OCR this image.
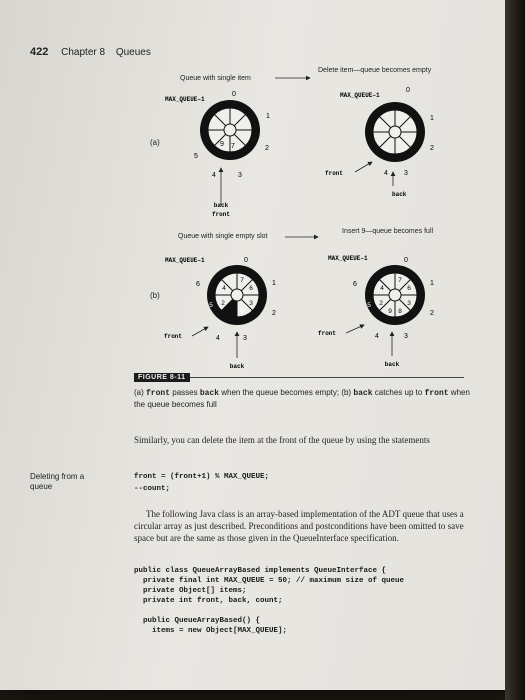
422 Chapter 8 Queues
(a)
Queue with single item
Delete item—queue becomes empty
9 7
MAX_QUEUE–1
0
1
2
3
4
5
back
front
MAX_QUEUE–1
0
1
2
3
4
front
back
(b)
Queue with single empty slot
Insert 9—queue becomes full
7
6
3
8
2
5
4
MAX_QUEUE–1	0
1
2
3
4
6
front
back
7
6
3
8
9
2
5
4
MAX_QUEUE–1	0
1
2
3
4
6
front
back
FIGURE 8-11
(a) front passes back when the queue becomes empty; (b) back catches up to front when the queue becomes full
Similarly, you can delete the item at the front of the queue by using the statements
Deleting from a queue
front = (front+1) % MAX_QUEUE;
--count;
The following Java class is an array-based implementation of the ADT queue that uses a circular array as just described. Preconditions and postconditions have been omitted to save space but are the same as those given in the QueueInterface specification.
public class QueueArrayBased implements QueueInterface {
private final int MAX_QUEUE = 50; // maximum size of queue
private Object[] items;
private int front, back, count;
public QueueArrayBased() {
items = new Object[MAX_QUEUE];
